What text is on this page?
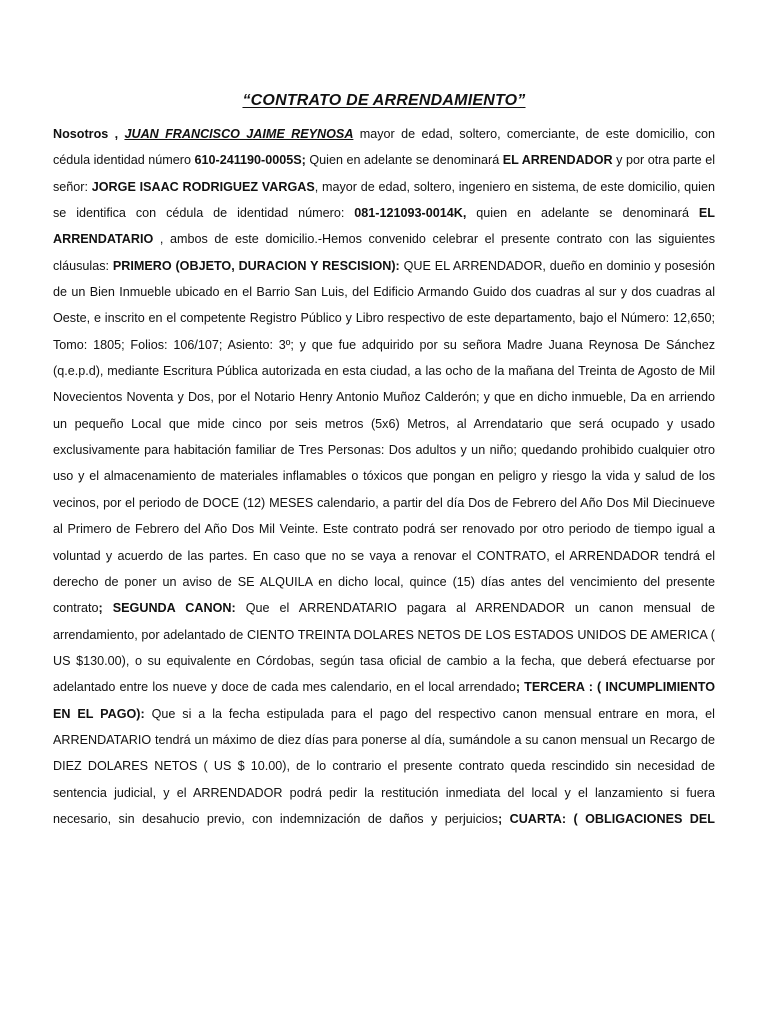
“CONTRATO DE ARRENDAMIENTO”
Nosotros , JUAN FRANCISCO JAIME REYNOSA mayor de edad, soltero, comerciante, de este domicilio, con cédula identidad número 610-241190-0005S; Quien en adelante se denominará EL ARRENDADOR y por otra parte el señor: JORGE ISAAC RODRIGUEZ VARGAS, mayor de edad, soltero, ingeniero en sistema, de este domicilio, quien se identifica con cédula de identidad número: 081-121093-0014K, quien en adelante se denominará EL ARRENDATARIO , ambos de este domicilio.-Hemos convenido celebrar el presente contrato con las siguientes cláusulas: PRIMERO (OBJETO, DURACION Y RESCISION): QUE EL ARRENDADOR, dueño en dominio y posesión de un Bien Inmueble ubicado en el Barrio San Luis, del Edificio Armando Guido dos cuadras al sur y dos cuadras al Oeste, e inscrito en el competente Registro Público y Libro respectivo de este departamento, bajo el Número: 12,650; Tomo: 1805; Folios: 106/107; Asiento: 3º; y que fue adquirido por su señora Madre Juana Reynosa De Sánchez (q.e.p.d), mediante Escritura Pública autorizada en esta ciudad, a las ocho de la mañana del Treinta de Agosto de Mil Novecientos Noventa y Dos, por el Notario Henry Antonio Muñoz Calderón; y que en dicho inmueble, Da en arriendo un pequeño Local que mide cinco por seis metros (5x6) Metros, al Arrendatario que será ocupado y usado exclusivamente para habitación familiar de Tres Personas: Dos adultos y un niño; quedando prohibido cualquier otro uso y el almacenamiento de materiales inflamables o tóxicos que pongan en peligro y riesgo la vida y salud de los vecinos, por el periodo de DOCE (12) MESES calendario, a partir del día Dos de Febrero del Año Dos Mil Diecinueve al Primero de Febrero del Año Dos Mil Veinte. Este contrato podrá ser renovado por otro periodo de tiempo igual a voluntad y acuerdo de las partes. En caso que no se vaya a renovar el CONTRATO, el ARRENDADOR tendrá el derecho de poner un aviso de SE ALQUILA en dicho local, quince (15) días antes del vencimiento del presente contrato; SEGUNDA CANON: Que el ARRENDATARIO pagara al ARRENDADOR un canon mensual de arrendamiento, por adelantado de CIENTO TREINTA DOLARES NETOS DE LOS ESTADOS UNIDOS DE AMERICA ( US $130.00), o su equivalente en Córdobas, según tasa oficial de cambio a la fecha, que deberá efectuarse por adelantado entre los nueve y doce de cada mes calendario, en el local arrendado; TERCERA : ( INCUMPLIMIENTO EN EL PAGO): Que si a la fecha estipulada para el pago del respectivo canon mensual entrare en mora, el ARRENDATARIO tendrá un máximo de diez días para ponerse al día, sumándole a su canon mensual un Recargo de DIEZ DOLARES NETOS ( US $ 10.00), de lo contrario el presente contrato queda rescindido sin necesidad de sentencia judicial, y el ARRENDADOR podrá pedir la restitución inmediata del local y el lanzamiento si fuera necesario, sin desahucio previo, con indemnización de daños y perjuicios; CUARTA: ( OBLIGACIONES DEL
